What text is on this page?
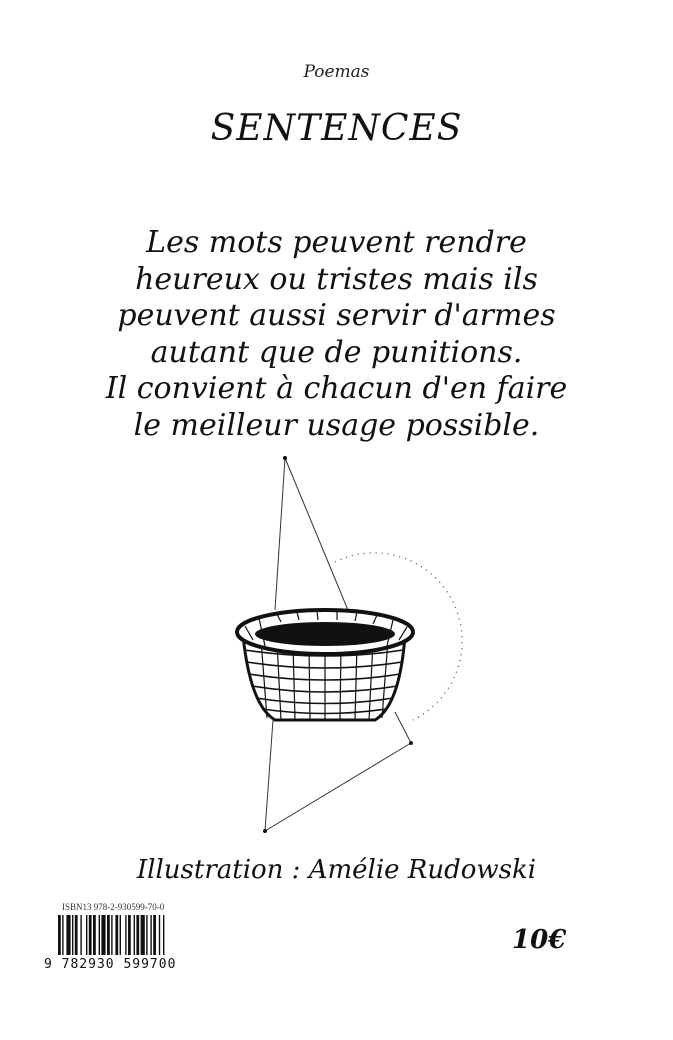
Poemas
SENTENCES
Les mots peuvent rendre
heureux ou tristes mais ils
peuvent aussi servir d'armes
autant que de punitions.
Il convient à chacun d'en faire
le meilleur usage possible.
Illustration : Amélie Rudowski
ISBN13 978-2-930599-70-0
9 782930 599700
10€
